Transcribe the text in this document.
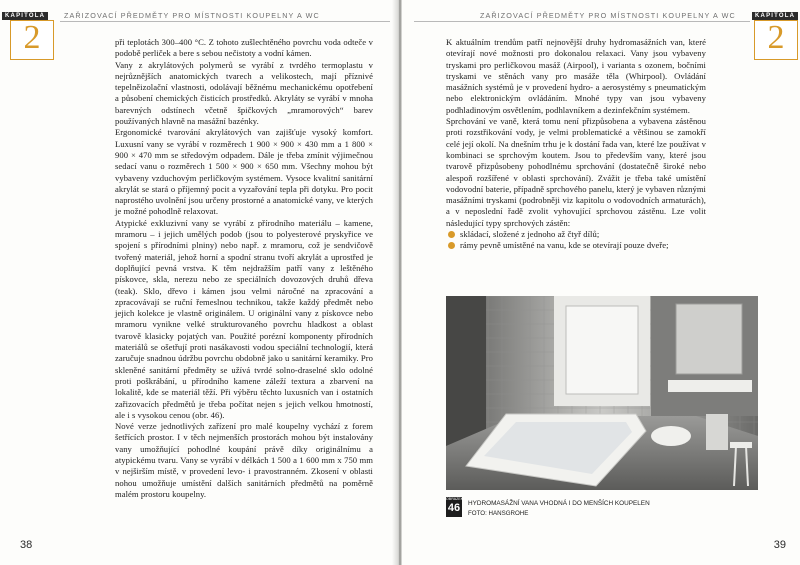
KAPITOLA
2
ZAŘIZOVACÍ PŘEDMĚTY PRO MÍSTNOSTI KOUPELNY A WC

při teplotách 300–400 °C. Z tohoto zušlechtěného povrchu voda odteče v podobě perliček a bere s sebou nečistoty a vodní kámen.

Vany z akrylátových polymerů se vyrábí z tvrdého termoplastu v nejrůznějších anatomických tvarech a velikostech, mají příznivé tepelněizolační vlastnosti, odolávají běžnému mechanickému opotřebení a působení chemických čisticích prostředků. Akryláty se vyrábí v mnoha barevných odstínech včetně špičkových „mramorových“ barev používaných hlavně na masážní bazénky.

Ergonomické tvarování akrylátových van zajišťuje vysoký komfort. Luxusní vany se vyrábí v rozměrech 1 900 × 900 × 430 mm a 1 800 × 900 × 470 mm se středovým odpadem. Dále je třeba zmínit výjimečnou sedací vanu o rozměrech 1 500 × 900 × 650 mm. Všechny mohou být vybaveny vzduchovým perličkovým systémem. Vysoce kvalitní sanitární akrylát se stará o příjemný pocit a vyzařování tepla při dotyku. Pro pocit naprostého uvolnění jsou určeny prostorné a anatomické vany, ve kterých je možné pohodlně relaxovat.

Atypické exkluzivní vany se vyrábí z přírodního materiálu – kamene, mramoru – i jejich umělých podob (jsou to polyesterové pryskyřice ve spojení s přírodními plniny) nebo např. z mramoru, což je sendvičově tvořený materiál, jehož horní a spodní stranu tvoří akrylát a uprostřed je doplňující pevná vrstva. K těm nejdražším patří vany z leštěného pískovce, skla, nerezu nebo ze speciálních dovozových druhů dřeva (teak). Sklo, dřevo i kámen jsou velmi náročné na zpracování a zpracovávají se ruční řemeslnou technikou, takže každý předmět nebo jejich kolekce je vlastně originálem. U originální vany z pískovce nebo mramoru vynikne velké strukturovaného povrchu hladkost a oblast tvarově klasicky pojatých van. Použité porézní komponenty přírodních materiálů se ošetřují proti nasákavosti vodou speciální technologií, která zaručuje snadnou údržbu povrchu obdobně jako u sanitární keramiky. Pro skleněné sanitární předměty se užívá tvrdé solno-draselné sklo odolné proti poškrábání, u přírodního kamene záleží textura a zbarvení na lokalitě, kde se materiál těží. Při výběru těchto luxusních van i ostatních zařizovacích předmětů je třeba počítat nejen s jejich velkou hmotností, ale i s vysokou cenou (obr. 46).

Nové verze jednotlivých zařízení pro malé koupelny vychází z forem šetřících prostor. I v těch nejmenších prostorách mohou být instalovány vany umožňující pohodlné koupání právě díky originálnímu a atypickému tvaru. Vany se vyrábí v délkách 1 500 a 1 600 mm x 750 mm v nejširším místě, v provedení levo- i pravostranném. Zkosení v oblasti nohou umožňuje umístění dalších sanitárních předmětů na poměrně malém prostoru koupelny.

38
ZAŘIZOVACÍ PŘEDMĚTY PRO MÍSTNOSTI KOUPELNY A WC	KAPITOLA
2

K aktuálním trendům patří nejnovější druhy hydromasážních van, které otevírají nové možnosti pro dokonalou relaxaci. Vany jsou vybaveny tryskami pro perličkovou masáž (Airpool), i varianta s ozonem, bočními tryskami ve stěnách vany pro masáže těla (Whirpool). Ovládání masážních systémů je v provedení hydro- a aerosystémy s pneumatickým nebo elektronickým ovládáním. Mnohé typy van jsou vybaveny podhladinovým osvětlením, podhlavníkem a dezinfekčním systémem.

Sprchování ve vaně, která tomu není přizpůsobena a vybavena zástěnou proti rozstřikování vody, je velmi problematické a většinou se zamokří celé její okolí. Na dnešním trhu je k dostání řada van, které lze používat v kombinaci se sprchovým koutem. Jsou to především vany, které jsou tvarově přizpůsobeny pohodlnému sprchování (dostatečně široké nebo alespoň rozšířené v oblasti sprchování). Zvážit je třeba také umístění vodovodní baterie, případně sprchového panelu, který je vybaven různými masážními tryskami (podrobněji viz kapitolu o vodovodních armaturách), a v neposlední řadě zvolit vyhovující sprchovou zástěnu. Lze volit následující typy sprchových zástěn:

skládací, složené z jednoho až čtyř dílů;
rámy pevně umístěné na vanu, kde se otevírají pouze dveře;
OBRÁZEK
46 HYDROMASÁŽNÍ VANA VHODNÁ I DO MENŠÍCH KOUPELEN
FOTO: HANSGROHE
39
